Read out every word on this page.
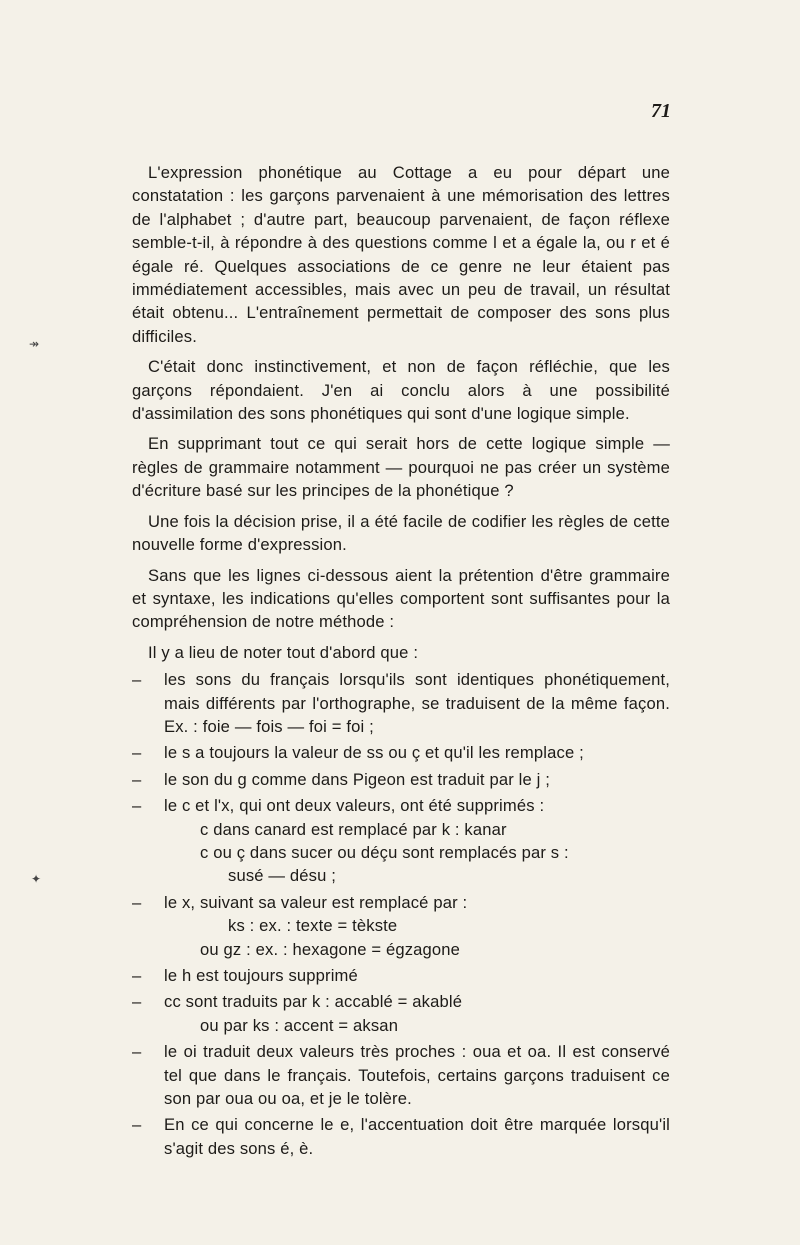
71
↠
✦

L'expression phonétique au Cottage a eu pour départ une constatation : les garçons parvenaient à une mémorisation des lettres de l'alphabet ; d'autre part, beaucoup parvenaient, de façon réflexe semble-t-il, à répondre à des questions comme l et a égale la, ou r et é égale ré. Quelques associations de ce genre ne leur étaient pas immédiatement accessibles, mais avec un peu de travail, un résultat était obtenu... L'entraînement permettait de composer des sons plus difficiles.

C'était donc instinctivement, et non de façon réfléchie, que les garçons répondaient. J'en ai conclu alors à une possibilité d'assimilation des sons phonétiques qui sont d'une logique simple.

En supprimant tout ce qui serait hors de cette logique simple — règles de grammaire notamment — pourquoi ne pas créer un système d'écriture basé sur les principes de la phonétique ?

Une fois la décision prise, il a été facile de codifier les règles de cette nouvelle forme d'expression.

Sans que les lignes ci-dessous aient la prétention d'être grammaire et syntaxe, les indications qu'elles comportent sont suffisantes pour la compréhension de notre méthode :

Il y a lieu de noter tout d'abord que :

– les sons du français lorsqu'ils sont identiques phonétiquement, mais différents par l'orthographe, se traduisent de la même façon. Ex. : foie — fois — foi = foi ;
– le s a toujours la valeur de ss ou ç et qu'il les remplace ;
– le son du g comme dans Pigeon est traduit par le j ;
– le c et l'x, qui ont deux valeurs, ont été supprimés :
c dans canard est remplacé par k : kanar
c ou ç dans sucer ou déçu sont remplacés par s :
susé — désu ;
– le x, suivant sa valeur est remplacé par :
ks : ex. : texte = tèkste
ou gz : ex. : hexagone = égzagone
– le h est toujours supprimé
– cc sont traduits par k : accablé = akablé
ou par ks : accent = aksan
– le oi traduit deux valeurs très proches : oua et oa. Il est conservé tel que dans le français. Toutefois, certains garçons traduisent ce son par oua ou oa, et je le tolère.
– En ce qui concerne le e, l'accentuation doit être marquée lorsqu'il s'agit des sons é, è.
